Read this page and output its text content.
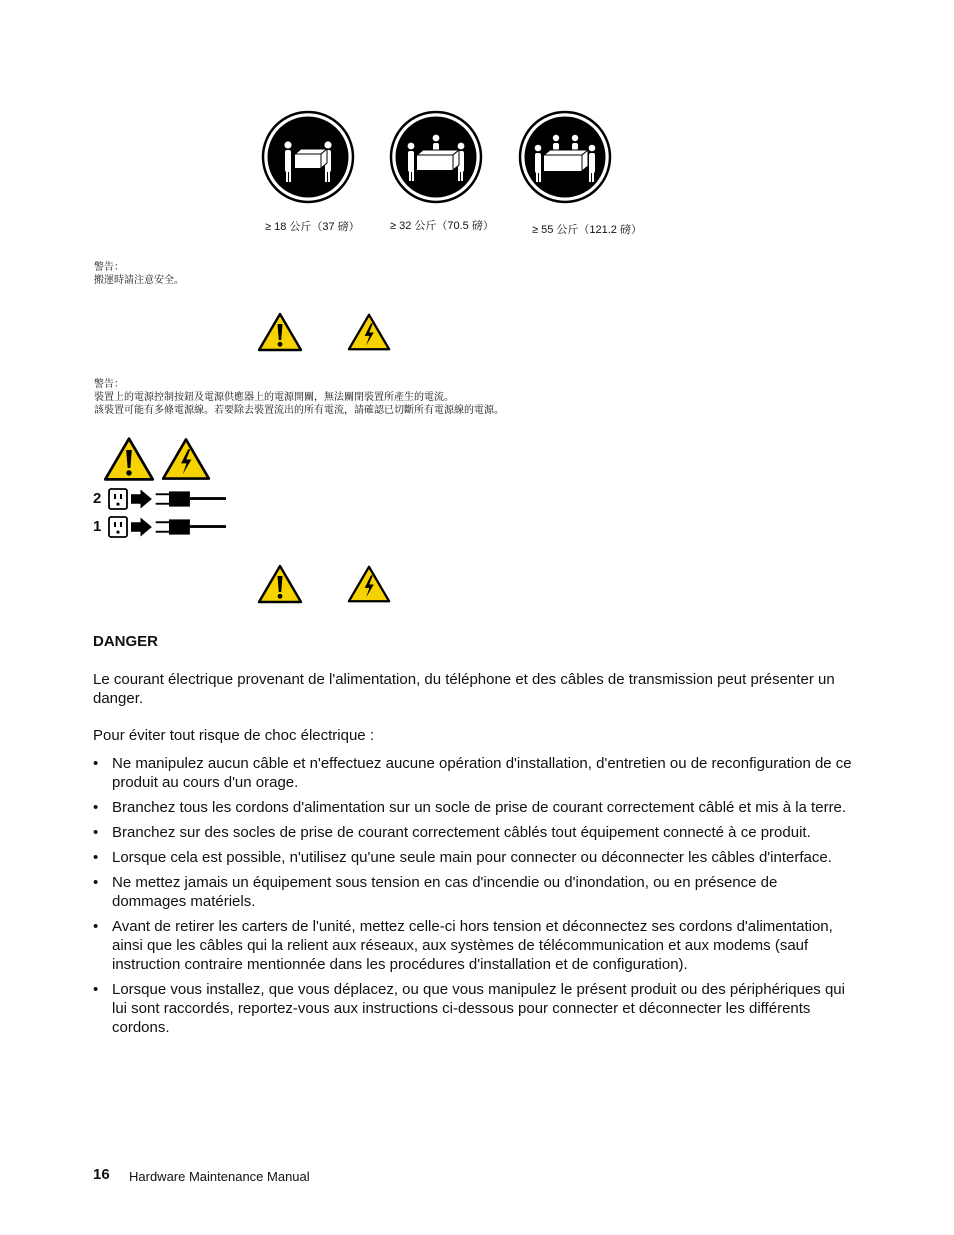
≥ 18 公斤（37 磅）	≥ 32 公斤（70.5 磅）	≥ 55 公斤（121.2 磅）
警告：
搬運時請注意安全。
警告：
裝置上的電源控制按鈕及電源供應器上的電源開關，無法關閉裝置所產生的電流。
該裝置可能有多條電源線。若要除去裝置流出的所有電流，請確認已切斷所有電源線的電源。
2
1
DANGER
Le courant électrique provenant de l'alimentation, du téléphone et des câbles de transmission peut présenter un danger.
Pour éviter tout risque de choc électrique :
• Ne manipulez aucun câble et n'effectuez aucune opération d'installation, d'entretien ou de reconfiguration de ce produit au cours d'un orage.
• Branchez tous les cordons d'alimentation sur un socle de prise de courant correctement câblé et mis à la terre.
• Branchez sur des socles de prise de courant correctement câblés tout équipement connecté à ce produit.
• Lorsque cela est possible, n'utilisez qu'une seule main pour connecter ou déconnecter les câbles d'interface.
• Ne mettez jamais un équipement sous tension en cas d'incendie ou d'inondation, ou en présence de dommages matériels.
• Avant de retirer les carters de l'unité, mettez celle-ci hors tension et déconnectez ses cordons d'alimentation, ainsi que les câbles qui la relient aux réseaux, aux systèmes de télécommunication et aux modems (sauf instruction contraire mentionnée dans les procédures d'installation et de configuration).
• Lorsque vous installez, que vous déplacez, ou que vous manipulez le présent produit ou des périphériques qui lui sont raccordés, reportez-vous aux instructions ci-dessous pour connecter et déconnecter les différents cordons.
16 Hardware Maintenance Manual
